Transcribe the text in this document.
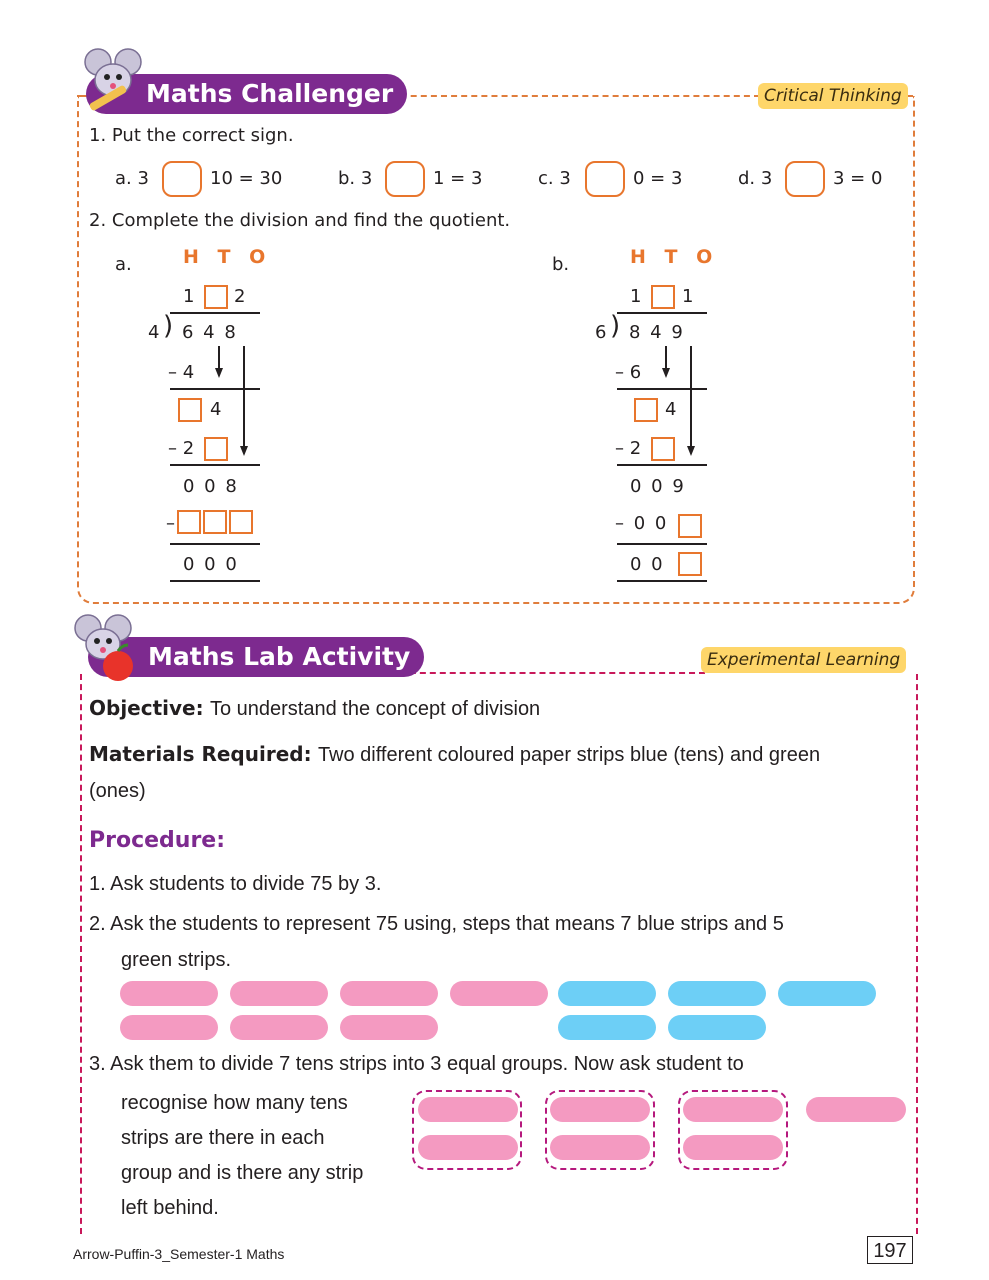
Maths Challenger	Critical Thinking
1. Put the correct sign.
a. 3	10 = 30	b. 3	1 = 3	c. 3	0 = 3	d. 3	3 = 0
2. Complete the division and find the quotient.
a.	H T O
1 2
4 ) 6 4 8
– 4
4
– 2
0 0 8
–
0 0 0
b.	H T O
1 1
6 ) 8 4 9
– 6
4
– 2
0 0 9
– 0 0
0 0
Maths Lab Activity	Experimental Learning
Objective: To understand the concept of division
Materials Required: Two different coloured paper strips blue (tens) and green
(ones)
Procedure:
1. Ask students to divide 75 by 3.
2. Ask the students to represent 75 using, steps that means 7 blue strips and 5
green strips.
3. Ask them to divide 7 tens strips into 3 equal groups. Now ask student to
recognise how many tens
strips are there in each
group and is there any strip
left behind.
Arrow-Puffin-3_Semester-1 Maths	197
